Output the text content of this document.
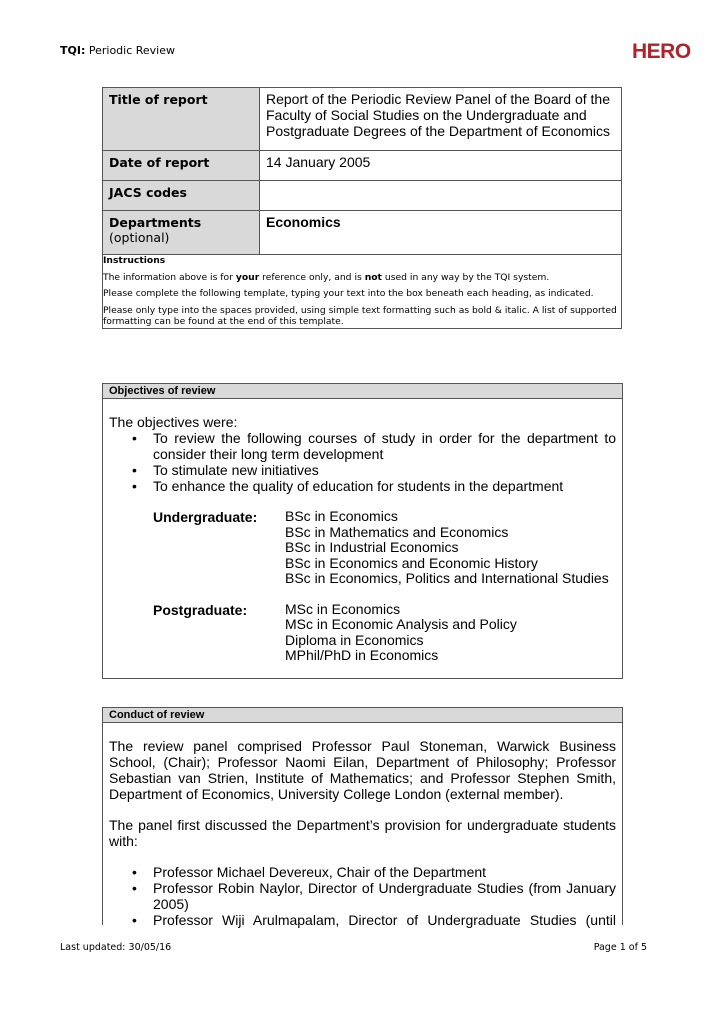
TQI: Periodic Review	HERO
Title of report	Report of the Periodic Review Panel of the Board of the Faculty of Social Studies on the Undergraduate and Postgraduate Degrees of the Department of Economics
Date of report	14 January 2005
JACS codes	
Departments
(optional)	Economics

Instructions

The information above is for your reference only, and is not used in any way by the TQI system.

Please complete the following template, typing your text into the box beneath each heading, as indicated.

Please only type into the spaces provided, using simple text formatting such as bold & italic. A list of supported formatting can be found at the end of this template.	

Objectives of review

The objectives were:

• To review the following courses of study in order for the department to consider their long term development
• To stimulate new initiatives
• To enhance the quality of education for students in the department
Undergraduate:	BSc in Economics
BSc in Mathematics and Economics
BSc in Industrial Economics
BSc in Economics and Economic History
BSc in Economics, Politics and International Studies
Postgraduate:	MSc in Economics
MSc in Economic Analysis and Policy
Diploma in Economics
MPhil/PhD in Economics
Conduct of review

The review panel comprised Professor Paul Stoneman, Warwick Business School, (Chair); Professor Naomi Eilan, Department of Philosophy; Professor Sebastian van Strien, Institute of Mathematics; and Professor Stephen Smith, Department of Economics, University College London (external member).

The panel first discussed the Department’s provision for undergraduate students with:

• Professor Michael Devereux, Chair of the Department
• Professor Robin Naylor, Director of Undergraduate Studies (from January 2005)
• Professor Wiji Arulmapalam, Director of Undergraduate Studies (until
Last updated: 30/05/16	Page 1 of 5
